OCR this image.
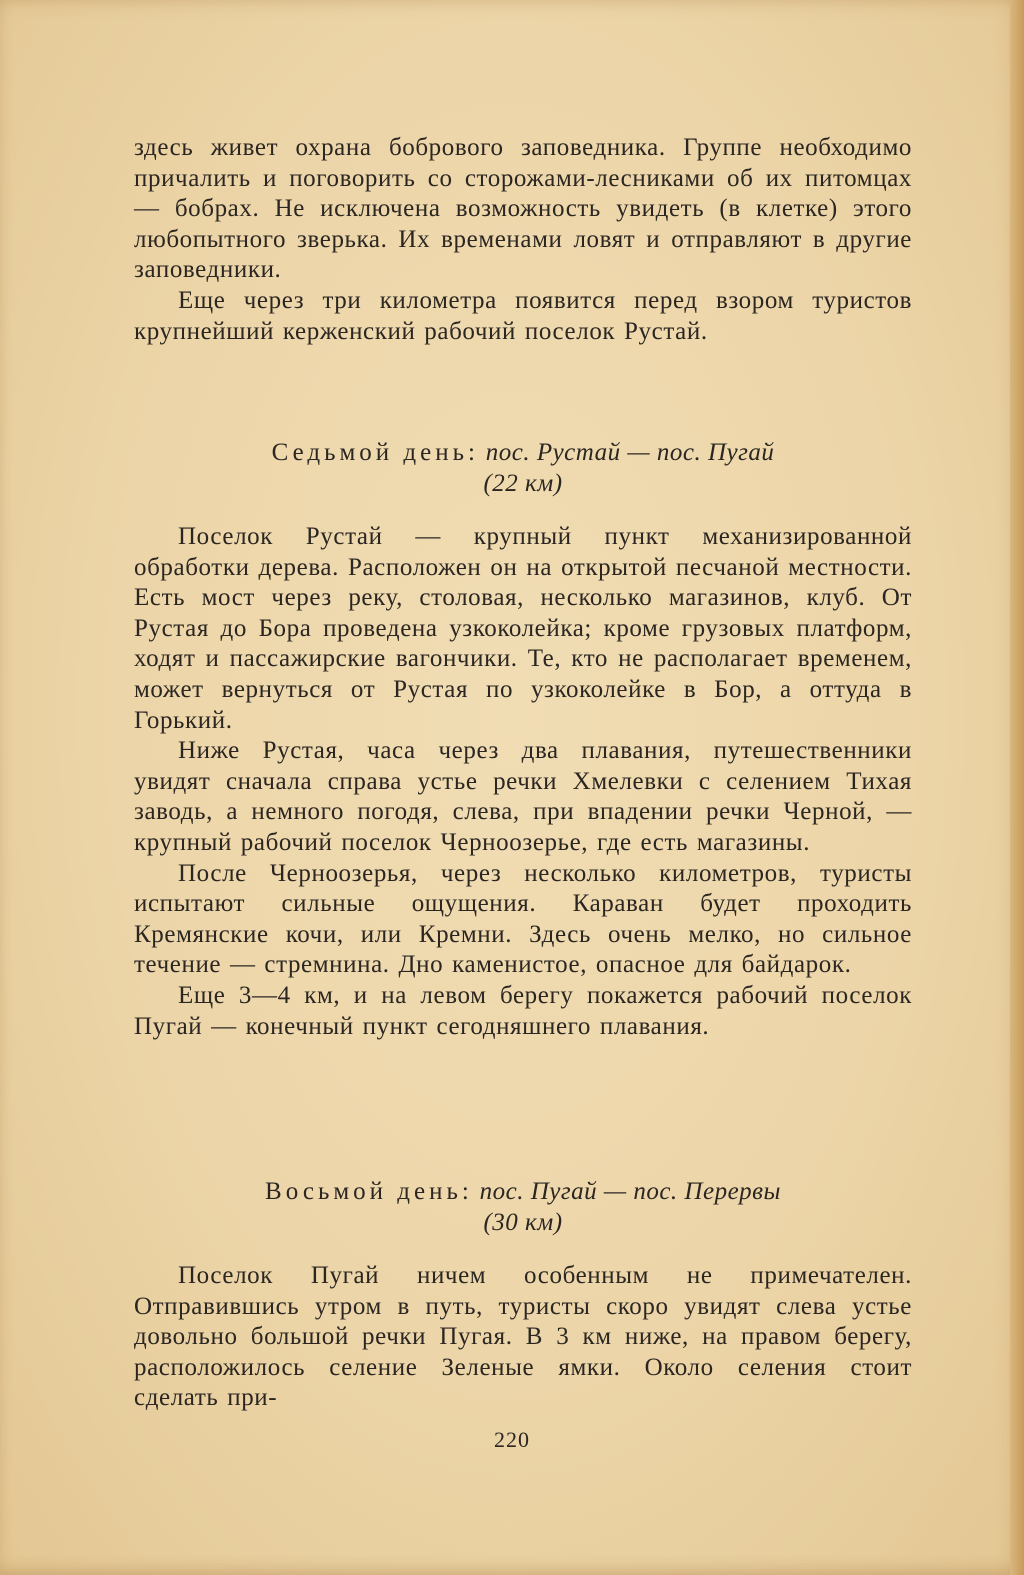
здесь живет охрана бобрового заповедника. Группе необходимо причалить и поговорить со сторожами-лесниками об их питомцах — бобрах. Не исключена возможность увидеть (в клетке) этого любопытного зверька. Их временами ловят и отправляют в другие заповедники.

Еще через три километра появится перед взором туристов крупнейший керженский рабочий поселок Рустай.

Седьмой день: пос. Рустай — пос. Пугай

(22 км)

Поселок Рустай — крупный пункт механизированной обработки дерева. Расположен он на открытой песчаной местности. Есть мост через реку, столовая, несколько магазинов, клуб. От Рустая до Бора проведена узкоколейка; кроме грузовых платформ, ходят и пассажирские вагончики. Те, кто не располагает временем, может вернуться от Рустая по узкоколейке в Бор, а оттуда в Горький.

Ниже Рустая, часа через два плавания, путешественники увидят сначала справа устье речки Хмелевки с селением Тихая заводь, а немного погодя, слева, при впадении речки Черной, — крупный рабочий поселок Черноозерье, где есть магазины.

После Черноозерья, через несколько километров, туристы испытают сильные ощущения. Караван будет проходить Кремянские кочи, или Кремни. Здесь очень мелко, но сильное течение — стремнина. Дно каменистое, опасное для байдарок.

Еще 3—4 км, и на левом берегу покажется рабочий поселок Пугай — конечный пункт сегодняшнего плавания.

Восьмой день: пос. Пугай — пос. Перервы

(30 км)

Поселок Пугай ничем особенным не примечателен. Отправившись утром в путь, туристы скоро увидят слева устье довольно большой речки Пугая. В 3 км ниже, на правом берегу, расположилось селение Зеленые ямки. Около селения стоит сделать при-

220
